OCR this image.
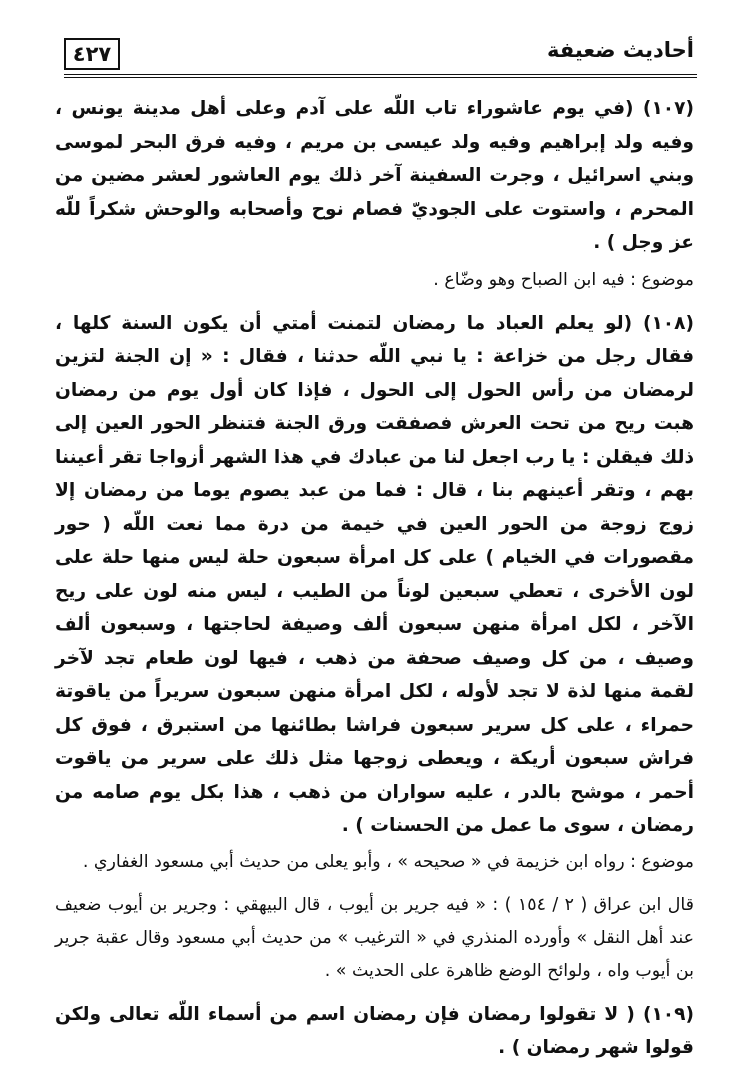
٤٢٧	أحاديث ضعيفة

(١٠٧) (في يوم عاشوراء تاب اللّه على آدم وعلى أهل مدينة يونس ، وفيه ولد إبراهيم وفيه ولد عيسى بن مريم ، وفيه فرق البحر لموسى وبني اسرائيل ، وجرت السفينة آخر ذلك يوم العاشور لعشر مضين من المحرم ، واستوت على الجوديّ فصام نوح وأصحابه والوحش شكراً للّه عز وجل ) .

موضوع : فيه ابن الصباح وهو وضّاع .

(١٠٨) (لو يعلم العباد ما رمضان لتمنت أمتي أن يكون السنة كلها ، فقال رجل من خزاعة : يا نبي اللّه حدثنا ، فقال : « إن الجنة لتزين لرمضان من رأس الحول إلى الحول ، فإذا كان أول يوم من رمضان هبت ريح من تحت العرش فصفقت ورق الجنة فتنظر الحور العين إلى ذلك فيقلن : يا رب اجعل لنا من عبادك في هذا الشهر أزواجا تقر أعيننا بهم ، وتقر أعينهم بنا ، قال : فما من عبد يصوم يوما من رمضان إلا زوج زوجة من الحور العين في خيمة من درة مما نعت اللّه ( حور مقصورات في الخيام ) على كل امرأة سبعون حلة ليس منها حلة على لون الأخرى ، تعطي سبعين لوناً من الطيب ، ليس منه لون على ريح الآخر ، لكل امرأة منهن سبعون ألف وصيفة لحاجتها ، وسبعون ألف وصيف ، من كل وصيف صحفة من ذهب ، فيها لون طعام تجد لآخر لقمة منها لذة لا تجد لأوله ، لكل امرأة منهن سبعون سريراً من ياقوتة حمراء ، على كل سرير سبعون فراشا بطائنها من استبرق ، فوق كل فراش سبعون أريكة ، ويعطى زوجها مثل ذلك على سرير من ياقوت أحمر ، موشح بالدر ، عليه سواران من ذهب ، هذا بكل يوم صامه من رمضان ، سوى ما عمل من الحسنات ) .

موضوع : رواه ابن خزيمة في « صحيحه » ، وأبو يعلى من حديث أبي مسعود الغفاري .

قال ابن عراق ( ٢ / ١٥٤ ) : « فيه جرير بن أيوب ، قال البيهقي : وجرير بن أيوب ضعيف عند أهل النقل » وأورده المنذري في « الترغيب » من حديث أبي مسعود وقال عقبة جرير بن أيوب واه ، ولوائح الوضع ظاهرة على الحديث » .

(١٠٩) ( لا تقولوا رمضان فإن رمضان اسم من أسماء اللّه تعالى ولكن قولوا شهر رمضان ) .
